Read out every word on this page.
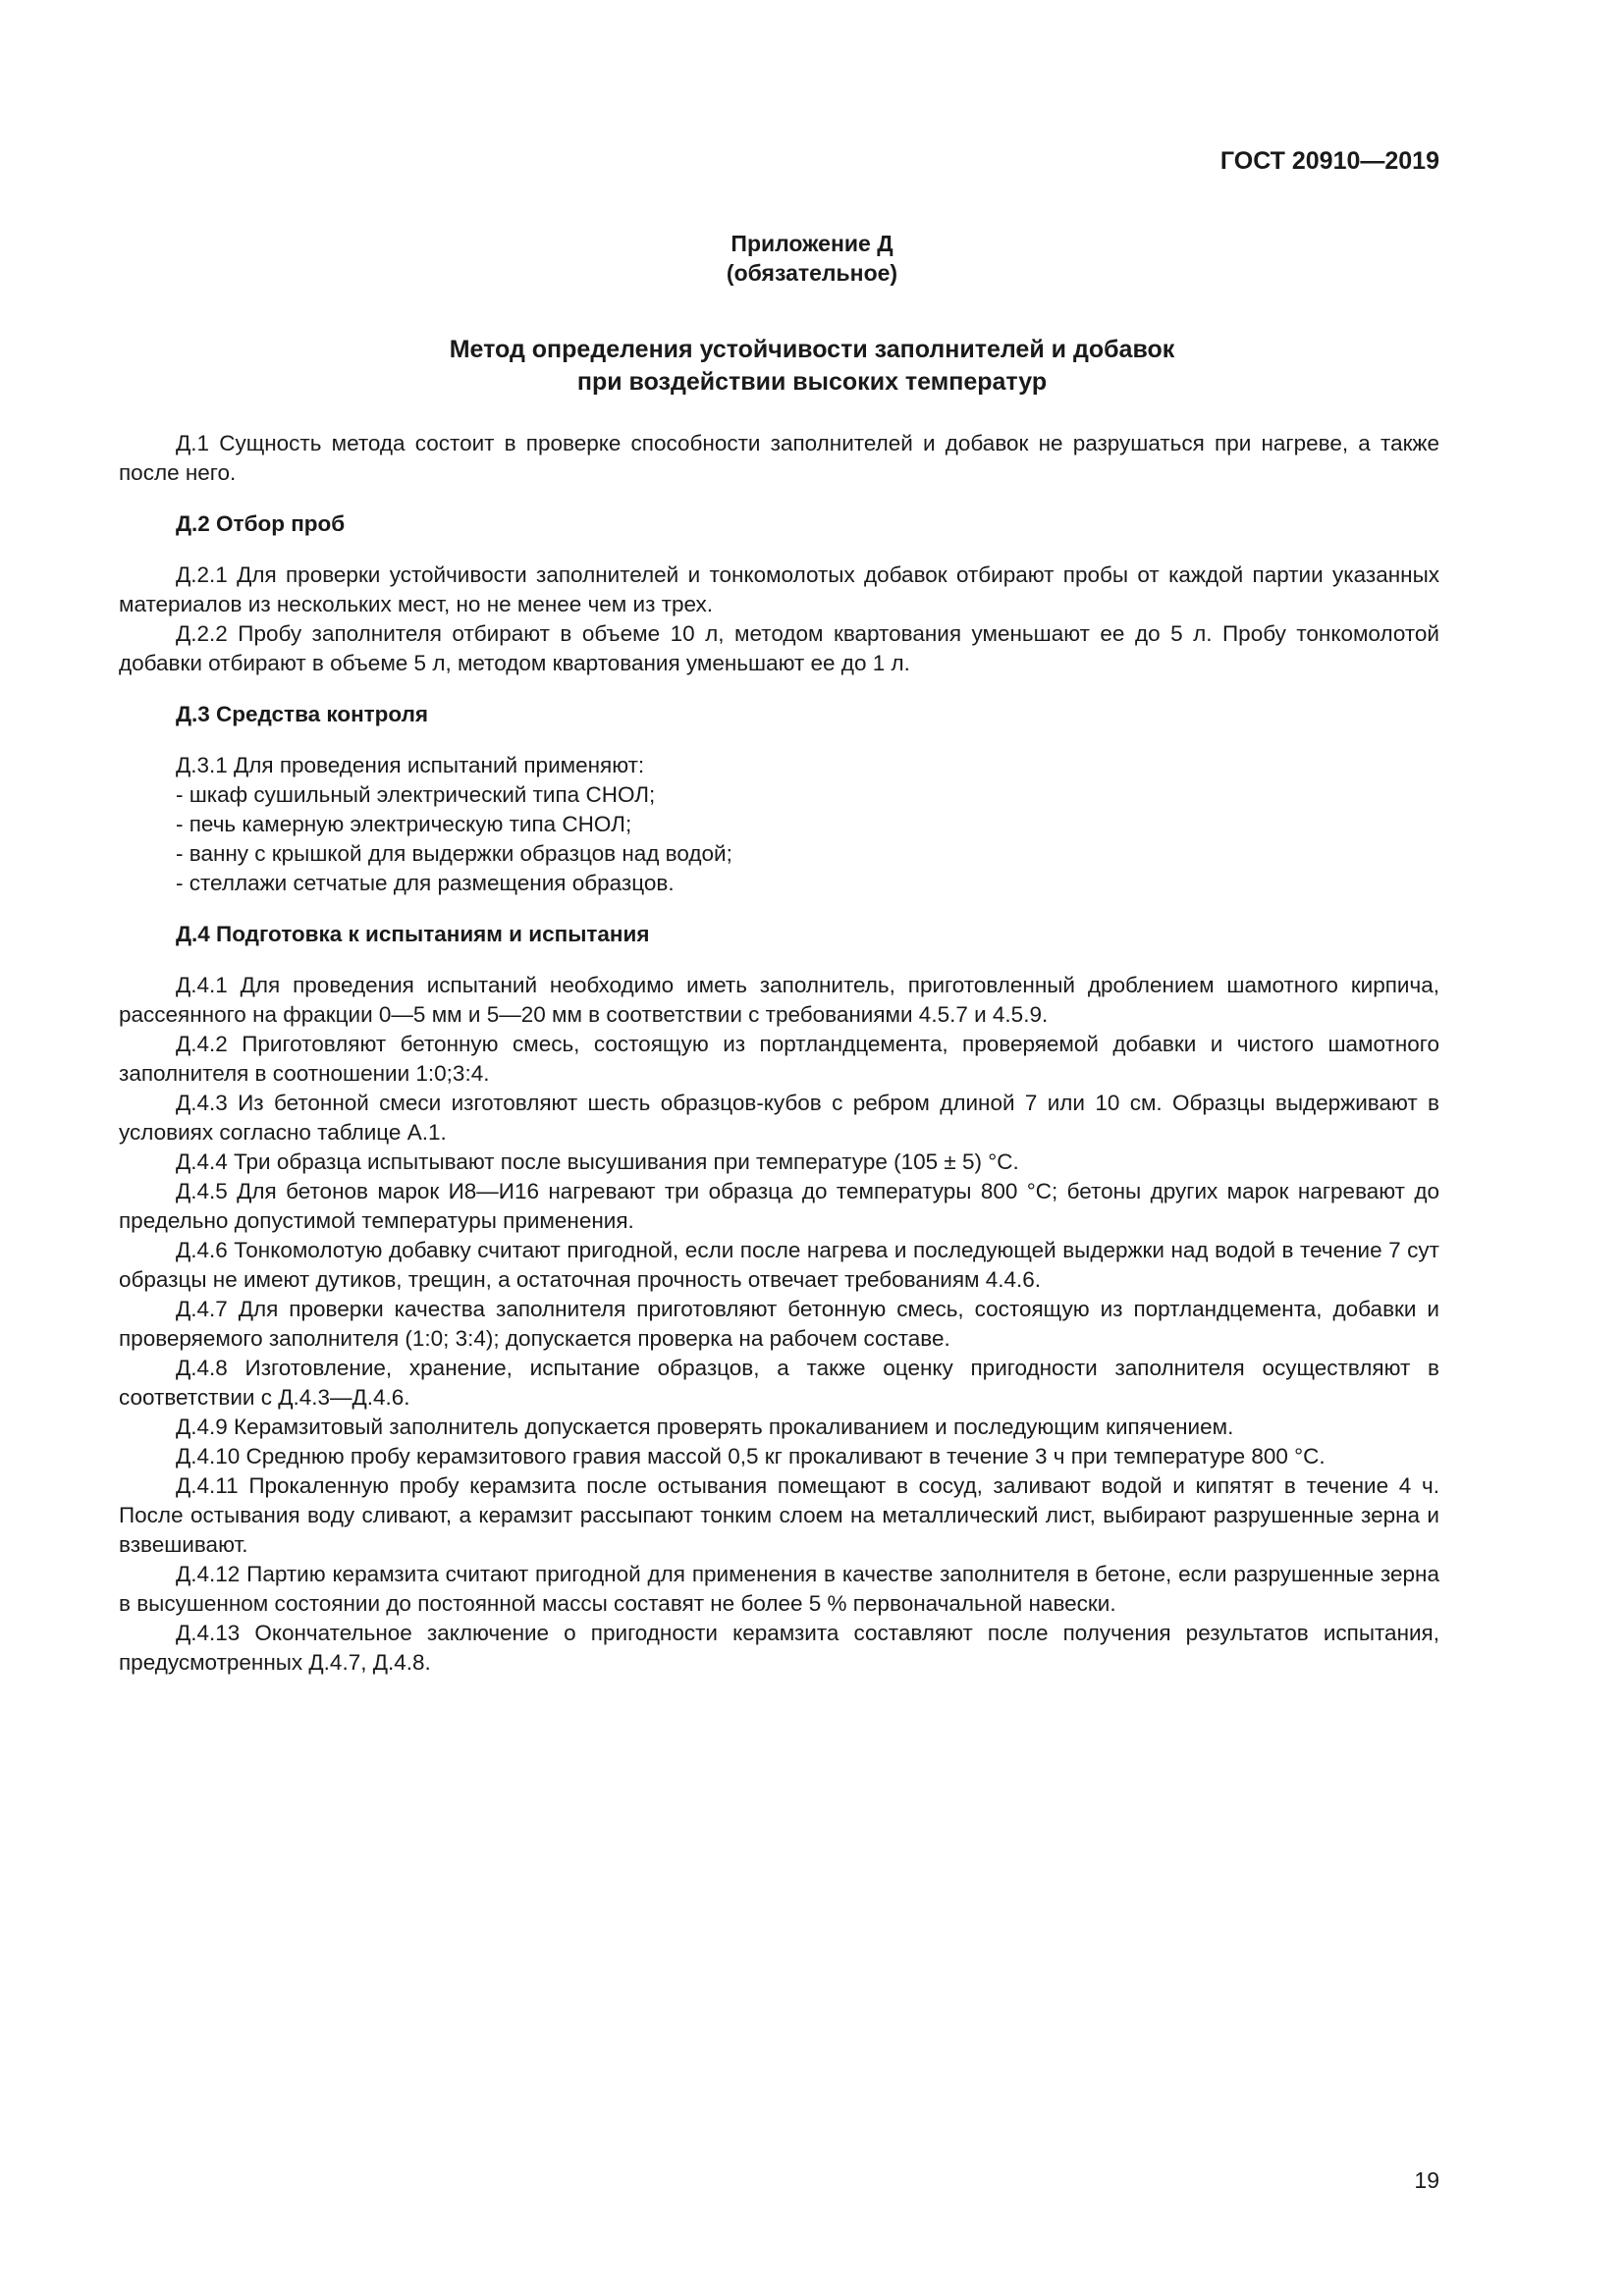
ГОСТ 20910—2019
Приложение Д
(обязательное)
Метод определения устойчивости заполнителей и добавок
при воздействии высоких температур

Д.1 Сущность метода состоит в проверке способности заполнителей и добавок не разрушаться при нагреве, а также после него.

Д.2 Отбор проб

Д.2.1 Для проверки устойчивости заполнителей и тонкомолотых добавок отбирают пробы от каждой партии указанных материалов из нескольких мест, но не менее чем из трех.

Д.2.2 Пробу заполнителя отбирают в объеме 10 л, методом квартования уменьшают ее до 5 л. Пробу тонкомолотой добавки отбирают в объеме 5 л, методом квартования уменьшают ее до 1 л.

Д.3 Средства контроля

Д.3.1 Для проведения испытаний применяют:

- шкаф сушильный электрический типа СНОЛ;

- печь камерную электрическую типа СНОЛ;

- ванну с крышкой для выдержки образцов над водой;

- стеллажи сетчатые для размещения образцов.

Д.4 Подготовка к испытаниям и испытания

Д.4.1 Для проведения испытаний необходимо иметь заполнитель, приготовленный дроблением шамотного кирпича, рассеянного на фракции 0—5 мм и 5—20 мм в соответствии с требованиями 4.5.7 и 4.5.9.

Д.4.2 Приготовляют бетонную смесь, состоящую из портландцемента, проверяемой добавки и чистого шамотного заполнителя в соотношении 1:0;3:4.

Д.4.3 Из бетонной смеси изготовляют шесть образцов-кубов с ребром длиной 7 или 10 см. Образцы выдерживают в условиях согласно таблице А.1.

Д.4.4 Три образца испытывают после высушивания при температуре (105 ± 5) °С.

Д.4.5 Для бетонов марок И8—И16 нагревают три образца до температуры 800 °С; бетоны других марок нагревают до предельно допустимой температуры применения.

Д.4.6 Тонкомолотую добавку считают пригодной, если после нагрева и последующей выдержки над водой в течение 7 сут образцы не имеют дутиков, трещин, а остаточная прочность отвечает требованиям 4.4.6.

Д.4.7 Для проверки качества заполнителя приготовляют бетонную смесь, состоящую из портландцемента, добавки и проверяемого заполнителя (1:0; 3:4); допускается проверка на рабочем составе.

Д.4.8 Изготовление, хранение, испытание образцов, а также оценку пригодности заполнителя осуществляют в соответствии с Д.4.3—Д.4.6.

Д.4.9 Керамзитовый заполнитель допускается проверять прокаливанием и последующим кипячением.

Д.4.10 Среднюю пробу керамзитового гравия массой 0,5 кг прокаливают в течение 3 ч при температуре 800 °С.

Д.4.11 Прокаленную пробу керамзита после остывания помещают в сосуд, заливают водой и кипятят в течение 4 ч. После остывания воду сливают, а керамзит рассыпают тонким слоем на металлический лист, выбирают разрушенные зерна и взвешивают.

Д.4.12 Партию керамзита считают пригодной для применения в качестве заполнителя в бетоне, если разрушенные зерна в высушенном состоянии до постоянной массы составят не более 5 % первоначальной навески.

Д.4.13 Окончательное заключение о пригодности керамзита составляют после получения результатов испытания, предусмотренных Д.4.7, Д.4.8.

19
